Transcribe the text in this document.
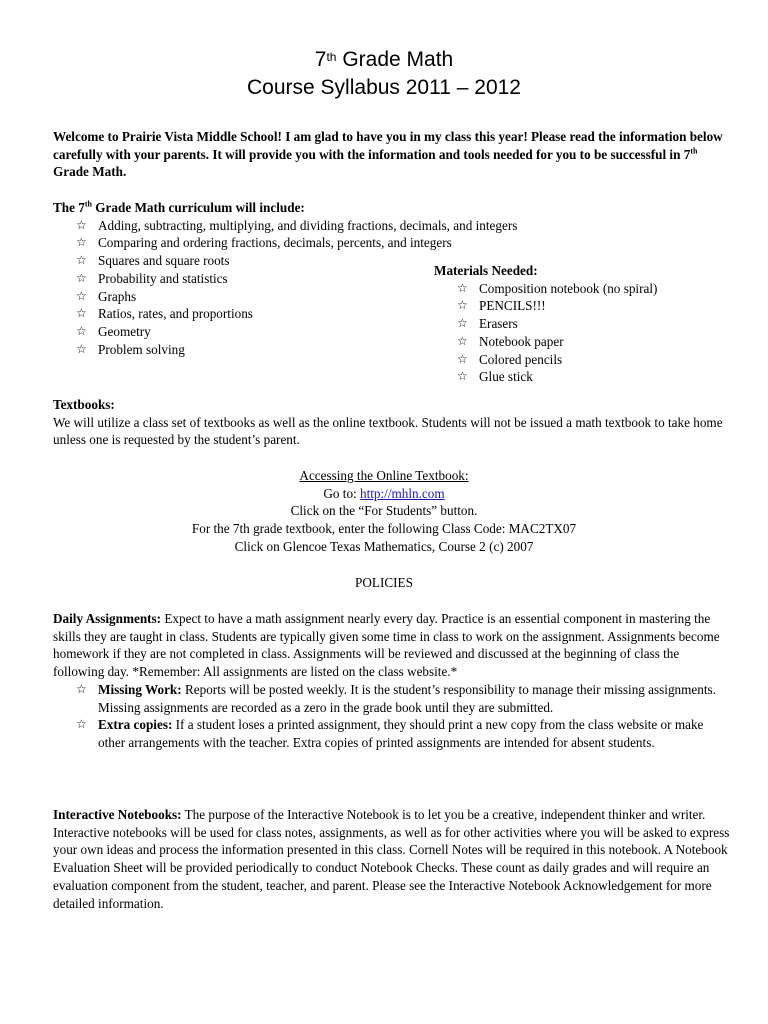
7th Grade Math
Course Syllabus 2011 – 2012
Welcome to Prairie Vista Middle School! I am glad to have you in my class this year! Please read the information below carefully with your parents. It will provide you with the information and tools needed for you to be successful in 7th Grade Math.
The 7th Grade Math curriculum will include:
☆ Adding, subtracting, multiplying, and dividing fractions, decimals, and integers
☆ Comparing and ordering fractions, decimals, percents, and integers
☆ Squares and square roots
☆ Probability and statistics
☆ Graphs
☆ Ratios, rates, and proportions
☆ Geometry
☆ Problem solving
Materials Needed:
☆ Composition notebook (no spiral)
☆ PENCILS!!!
☆ Erasers
☆ Notebook paper
☆ Colored pencils
☆ Glue stick
Textbooks:

We will utilize a class set of textbooks as well as the online textbook. Students will not be issued a math textbook to take home unless one is requested by the student’s parent.

Accessing the Online Textbook:
Go to: http://mhln.com
Click on the “For Students” button.
For the 7th grade textbook, enter the following Class Code: MAC2TX07
Click on Glencoe Texas Mathematics, Course 2 (c) 2007
POLICIES

Daily Assignments: Expect to have a math assignment nearly every day. Practice is an essential component in mastering the skills they are taught in class. Students are typically given some time in class to work on the assignment. Assignments become homework if they are not completed in class. Assignments will be reviewed and discussed at the beginning of class the following day. *Remember: All assignments are listed on the class website.*

☆ Missing Work: Reports will be posted weekly. It is the student’s responsibility to manage their missing assignments. Missing assignments are recorded as a zero in the grade book until they are submitted.
☆ Extra copies: If a student loses a printed assignment, they should print a new copy from the class website or make other arrangements with the teacher. Extra copies of printed assignments are intended for absent students.

Interactive Notebooks: The purpose of the Interactive Notebook is to let you be a creative, independent thinker and writer. Interactive notebooks will be used for class notes, assignments, as well as for other activities where you will be asked to express your own ideas and process the information presented in this class. Cornell Notes will be required in this notebook. A Notebook Evaluation Sheet will be provided periodically to conduct Notebook Checks. These count as daily grades and will require an evaluation component from the student, teacher, and parent. Please see the Interactive Notebook Acknowledgement for more detailed information.
